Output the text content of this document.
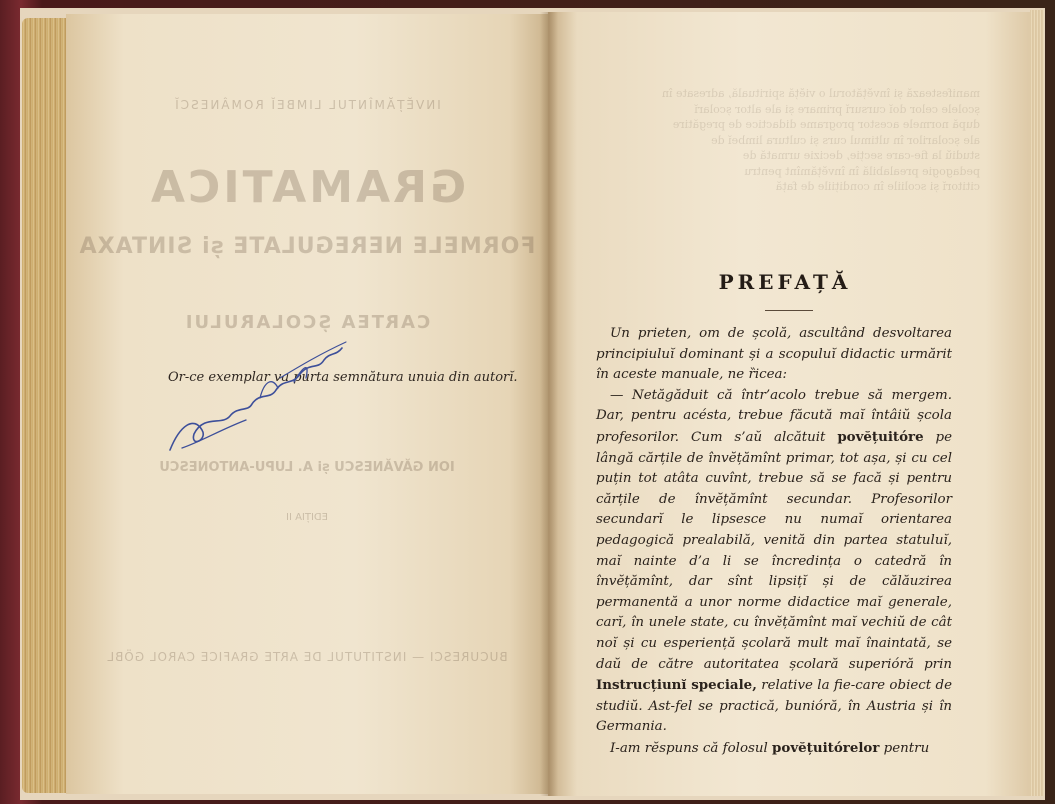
INVĔȚĂMÎNTUL LIMBEĬ ROMÂNESCĬ
GRAMATICA
FORMELE NEREGULATE și SINTAXA
CARTEA ȘCOLARULUI
ION GĂVĂNESCU și A. LUPU-ANTONESCU
EDIȚIA II
BUCURESCI — INSTITUTUL DE ARTE GRAFICE CAROL GÖBL
manifestează și învĕțătorul o viĕță spirituală, adresate în
școlele celor doĭ cursurĭ primare și ale altor școlarĭ
după normele acestor programe didactice de pregătire
ale școlarilor în ultimul curs și cultura limbeĭ de
studiŭ la fie-care secție, decizie urmată de
pedagogie prealabilă în învĕțămînt pentru
cititorĭ și scoliile în condițiile de față
Or-ce exemplar va purta semnătura unuia din autorĭ.
PREFAȚĂ

Un prieten, om de școlă, ascultând desvoltarea principiuluĭ dominant și a scopuluĭ didactic urmărit în aceste manuale, ne ȑicea:

— Netăgăduit că într’acolo trebue să mergem. Dar, pentru acésta, trebue făcută maĭ întâiŭ școla profesorilor. Cum s’aŭ alcătuit povĕțuitóre pe lângă cărțile de învĕțămînt primar, tot așa, și cu cel puțin tot atâta cuvînt, trebue să se facă și pentru cărțile de învĕțămînt secundar. Profesorilor secundarĭ le lipsesce nu numaĭ orientarea pedagogică prealabilă, venită din partea statuluĭ, maĭ nainte d’a li se încredința o catedră în învĕțămînt, dar sînt lipsițĭ și de călăuzirea permanentă a unor norme didactice maĭ generale, carĭ, în unele state, cu învĕțămînt maĭ vechiŭ de cât noĭ și cu esperiență școlară mult maĭ înaintată, se daŭ de către autoritatea școlară superióră prin Instrucțiunĭ speciale, relative la fie-care obiect de studiŭ. Ast-fel se practică, bunióră, în Austria și în Germania.

I-am rĕspuns că folosul povĕțuitórelor pentru
